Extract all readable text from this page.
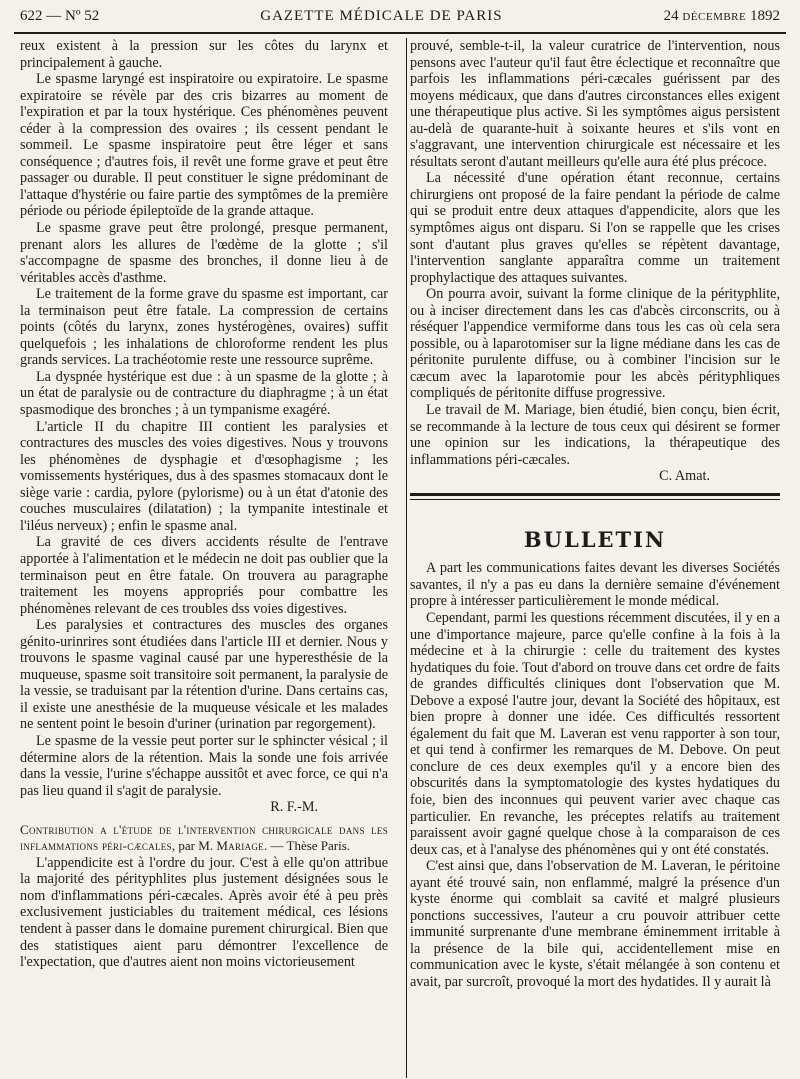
622 — Nº 52	GAZETTE MÉDICALE DE PARIS	24 DÉCEMBRE 1892

reux existent à la pression sur les côtes du larynx et principalement à gauche.

Le spasme laryngé est inspiratoire ou expiratoire. Le spasme expiratoire se révèle par des cris bizarres au moment de l'expiration et par la toux hystérique. Ces phénomènes peuvent céder à la compression des ovaires ; ils cessent pendant le sommeil. Le spasme inspiratoire peut être léger et sans conséquence ; d'autres fois, il revêt une forme grave et peut être passager ou durable. Il peut constituer le signe prédominant de l'attaque d'hystérie ou faire partie des symptômes de la première période ou période épileptoïde de la grande attaque.

Le spasme grave peut être prolongé, presque permanent, prenant alors les allures de l'œdème de la glotte ; s'il s'accompagne de spasme des bronches, il donne lieu à de véritables accès d'asthme.

Le traitement de la forme grave du spasme est important, car la terminaison peut être fatale. La compression de certains points (côtés du larynx, zones hystérogènes, ovaires) suffit quelquefois ; les inhalations de chloroforme rendent les plus grands services. La trachéotomie reste une ressource suprême.

La dyspnée hystérique est due : à un spasme de la glotte ; à un état de paralysie ou de contracture du diaphragme ; à un état spasmodique des bronches ; à un tympanisme exagéré.

L'article II du chapitre III contient les paralysies et contractures des muscles des voies digestives. Nous y trouvons les phénomènes de dysphagie et d'œsophagisme ; les vomissements hystériques, dus à des spasmes stomacaux dont le siège varie : cardia, pylore (pylorisme) ou à un état d'atonie des couches musculaires (dilatation) ; la tympanite intestinale et l'iléus nerveux) ; enfin le spasme anal.

La gravité de ces divers accidents résulte de l'entrave apportée à l'alimentation et le médecin ne doit pas oublier que la terminaison peut en être fatale. On trouvera au paragraphe traitement les moyens appropriés pour combattre les phénomènes relevant de ces troubles dss voies digestives.

Les paralysies et contractures des muscles des organes génito-urinrires sont étudiées dans l'article III et dernier. Nous y trouvons le spasme vaginal causé par une hyperesthésie de la muqueuse, spasme soit transitoire soit permanent, la paralysie de la vessie, se traduisant par la rétention d'urine. Dans certains cas, il existe une anesthésie de la muqueuse vésicale et les malades ne sentent point le besoin d'uriner (urination par regorgement).

Le spasme de la vessie peut porter sur le sphincter vésical ; il détermine alors de la rétention. Mais la sonde une fois arrivée dans la vessie, l'urine s'échappe aussitôt et avec force, ce qui n'a pas lieu quand il s'agit de paralysie.

R. F.-M.

Contribution a l'étude de l'intervention chirurgicale dans les inflammations péri-cæcales, par M. Mariage. — Thèse Paris.

L'appendicite est à l'ordre du jour. C'est à elle qu'on attribue la majorité des pérityphlites plus justement désignées sous le nom d'inflammations péri-cæcales. Après avoir été à peu près exclusivement justiciables du traitement médical, ces lésions tendent à passer dans le domaine purement chirurgical. Bien que des statistiques aient paru démontrer l'excellence de l'expectation, que d'autres aient non moins victorieusement

prouvé, semble-t-il, la valeur curatrice de l'intervention, nous pensons avec l'auteur qu'il faut être éclectique et reconnaître que parfois les inflammations péri-cæcales guérissent par des moyens médicaux, que dans d'autres circonstances elles exigent une thérapeutique plus active. Si les symptômes aigus persistent au-delà de quarante-huit à soixante heures et s'ils vont en s'aggravant, une intervention chirurgicale est nécessaire et les résultats seront d'autant meilleurs qu'elle aura été plus précoce.

La nécessité d'une opération étant reconnue, certains chirurgiens ont proposé de la faire pendant la période de calme qui se produit entre deux attaques d'appendicite, alors que les symptômes aigus ont disparu. Si l'on se rappelle que les crises sont d'autant plus graves qu'elles se répètent davantage, l'intervention sanglante apparaîtra comme un traitement prophylactique des attaques suivantes.

On pourra avoir, suivant la forme clinique de la pérityphlite, ou à inciser directement dans les cas d'abcès circonscrits, ou à réséquer l'appendice vermiforme dans tous les cas où cela sera possible, ou à laparotomiser sur la ligne médiane dans les cas de péritonite purulente diffuse, ou à combiner l'incision sur le cæcum avec la laparotomie pour les abcès pérityphliques compliqués de péritonite diffuse progressive.

Le travail de M. Mariage, bien étudié, bien conçu, bien écrit, se recommande à la lecture de tous ceux qui désirent se former une opinion sur les indications, la thérapeutique des inflammations péri-cæcales.

C. Amat.

BULLETIN

A part les communications faites devant les diverses Sociétés savantes, il n'y a pas eu dans la dernière semaine d'événement propre à intéresser particulièrement le monde médical.

Cependant, parmi les questions récemment discutées, il y en a une d'importance majeure, parce qu'elle confine à la fois à la médecine et à la chirurgie : celle du traitement des kystes hydatiques du foie. Tout d'abord on trouve dans cet ordre de faits de grandes difficultés cliniques dont l'observation que M. Debove a exposé l'autre jour, devant la Société des hôpitaux, est bien propre à donner une idée. Ces difficultés ressortent également du fait que M. Laveran est venu rapporter à son tour, et qui tend à confirmer les remarques de M. Debove. On peut conclure de ces deux exemples qu'il y a encore bien des obscurités dans la symptomatologie des kystes hydatiques du foie, bien des inconnues qui peuvent varier avec chaque cas particulier. En revanche, les préceptes relatifs au traitement paraissent avoir gagné quelque chose à la comparaison de ces deux cas, et à l'analyse des phénomènes qui y ont été constatés.

C'est ainsi que, dans l'observation de M. Laveran, le péritoine ayant été trouvé sain, non enflammé, malgré la présence d'un kyste énorme qui comblait sa cavité et malgré plusieurs ponctions successives, l'auteur a cru pouvoir attribuer cette immunité surprenante d'une membrane éminemment irritable à la présence de la bile qui, accidentellement mise en communication avec le kyste, s'était mélangée à son contenu et avait, par surcroît, provoqué la mort des hydatides. Il y aurait là
